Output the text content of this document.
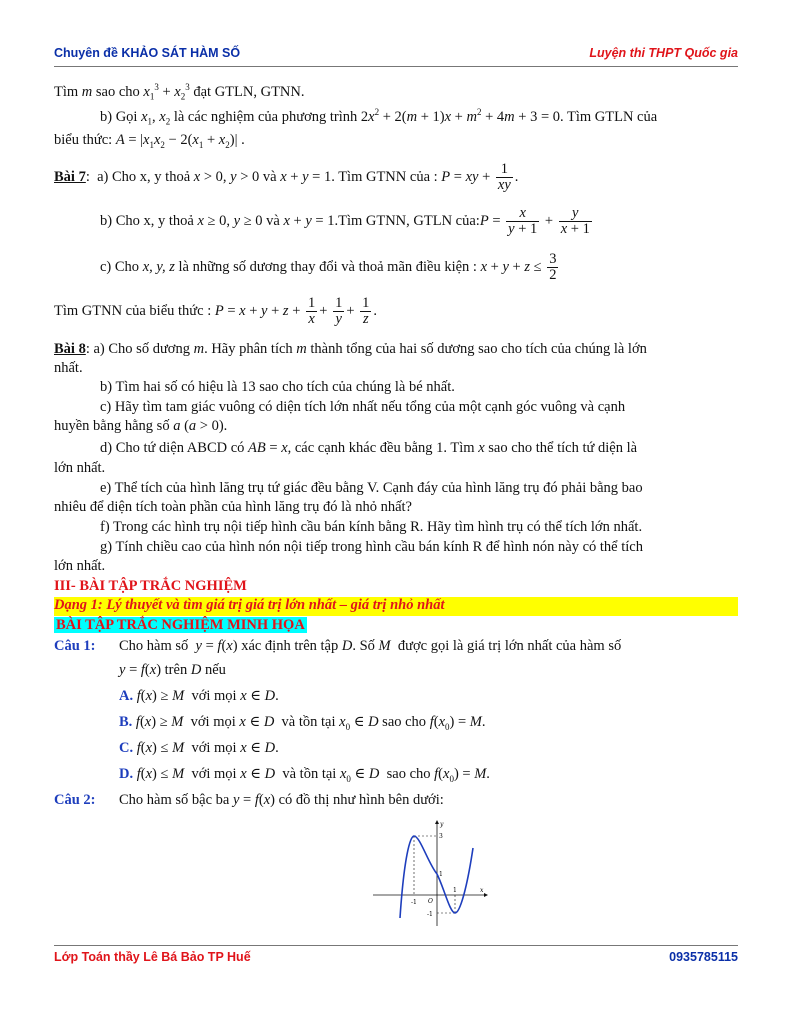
Chuyên đề KHẢO SÁT HÀM SỐ	Luyện thi THPT Quốc gia
Tìm m sao cho $x_1^3 + x_2^3$ đạt GTLN, GTNN.
b) Gọi $x_1$, $x_2$ là các nghiệm của phương trình $2x^2 + 2(m + 1)x + m^2 + 4m + 3 = 0$. Tìm GTLN của
biểu thức: $A = |x_1x_2 - 2(x_1 + x_2)|$ .
Bài 7:  a) Cho x, y thoả x > 0, y > 0 và x + y = 1. Tìm GTNN của : P = xy + $\frac{1}{xy}$ .
b) Cho x, y thoả x ≥ 0, y ≥ 0 và x + y = 1.Tìm GTNN, GTLN của:P = $\frac{x}{y + 1} + \frac{y}{x + 1}$
c) Cho x, y, z là những số dương thay đổi và thoả mãn điều kiện : $x + y + z \le \frac{3}{2}$
Tìm GTNN của biểu thức : $P = x + y + z + \frac{1}{x} + \frac{1}{y} + \frac{1}{z}$ .
Bài 8: a) Cho số dương m. Hãy phân tích m thành tổng của hai số dương sao cho tích của chúng là lớn
nhất.
b) Tìm hai số có hiệu là 13 sao cho tích của chúng là bé nhất.
c) Hãy tìm tam giác vuông có diện tích lớn nhất nếu tổng của một cạnh góc vuông và cạnh
huyền bằng hằng số a (a > 0).
d) Cho tứ diện ABCD có AB = x, các cạnh khác đều bằng 1. Tìm x sao cho thể tích tứ diện là
lớn nhất.
e) Thể tích của hình lăng trụ tứ giác đều bằng V. Cạnh đáy của hình lăng trụ đó phải bằng bao
nhiêu để diện tích toàn phần của hình lăng trụ đó là nhỏ nhất?
f) Trong các hình trụ nội tiếp hình cầu bán kính bằng R. Hãy tìm hình trụ có thể tích lớn nhất.
g) Tính chiều cao của hình nón nội tiếp trong hình cầu bán kính R để hình nón này có thể tích
lớn nhất.
III- BÀI TẬP TRẮC NGHIỆM
Dạng 1: Lý thuyết và tìm giá trị giá trị lớn nhất – giá trị nhỏ nhất
BÀI TẬP TRẮC NGHIỆM MINH HỌA
Câu 1: Cho hàm số y = f(x) xác định trên tập D. Số M được gọi là giá trị lớn nhất của hàm số
y = f(x) trên D nếu
A. f(x) ≥ M với mọi x ∈ D.
B. f(x) ≥ M với mọi x ∈ D và tồn tại $x_0$ ∈ D sao cho $f(x_0) = M$.
C. f(x) ≤ M với mọi x ∈ D.
D. f(x) ≤ M với mọi x ∈ D và tồn tại $x_0$ ∈ D sao cho $f(x_0) = M$.
Câu 2: Cho hàm số bậc ba y = f(x) có đồ thị như hình bên dưới:
-1 O
1
-1
1
3
x
y
Lớp Toán thầy Lê Bá Bảo TP Huế	0935785115
